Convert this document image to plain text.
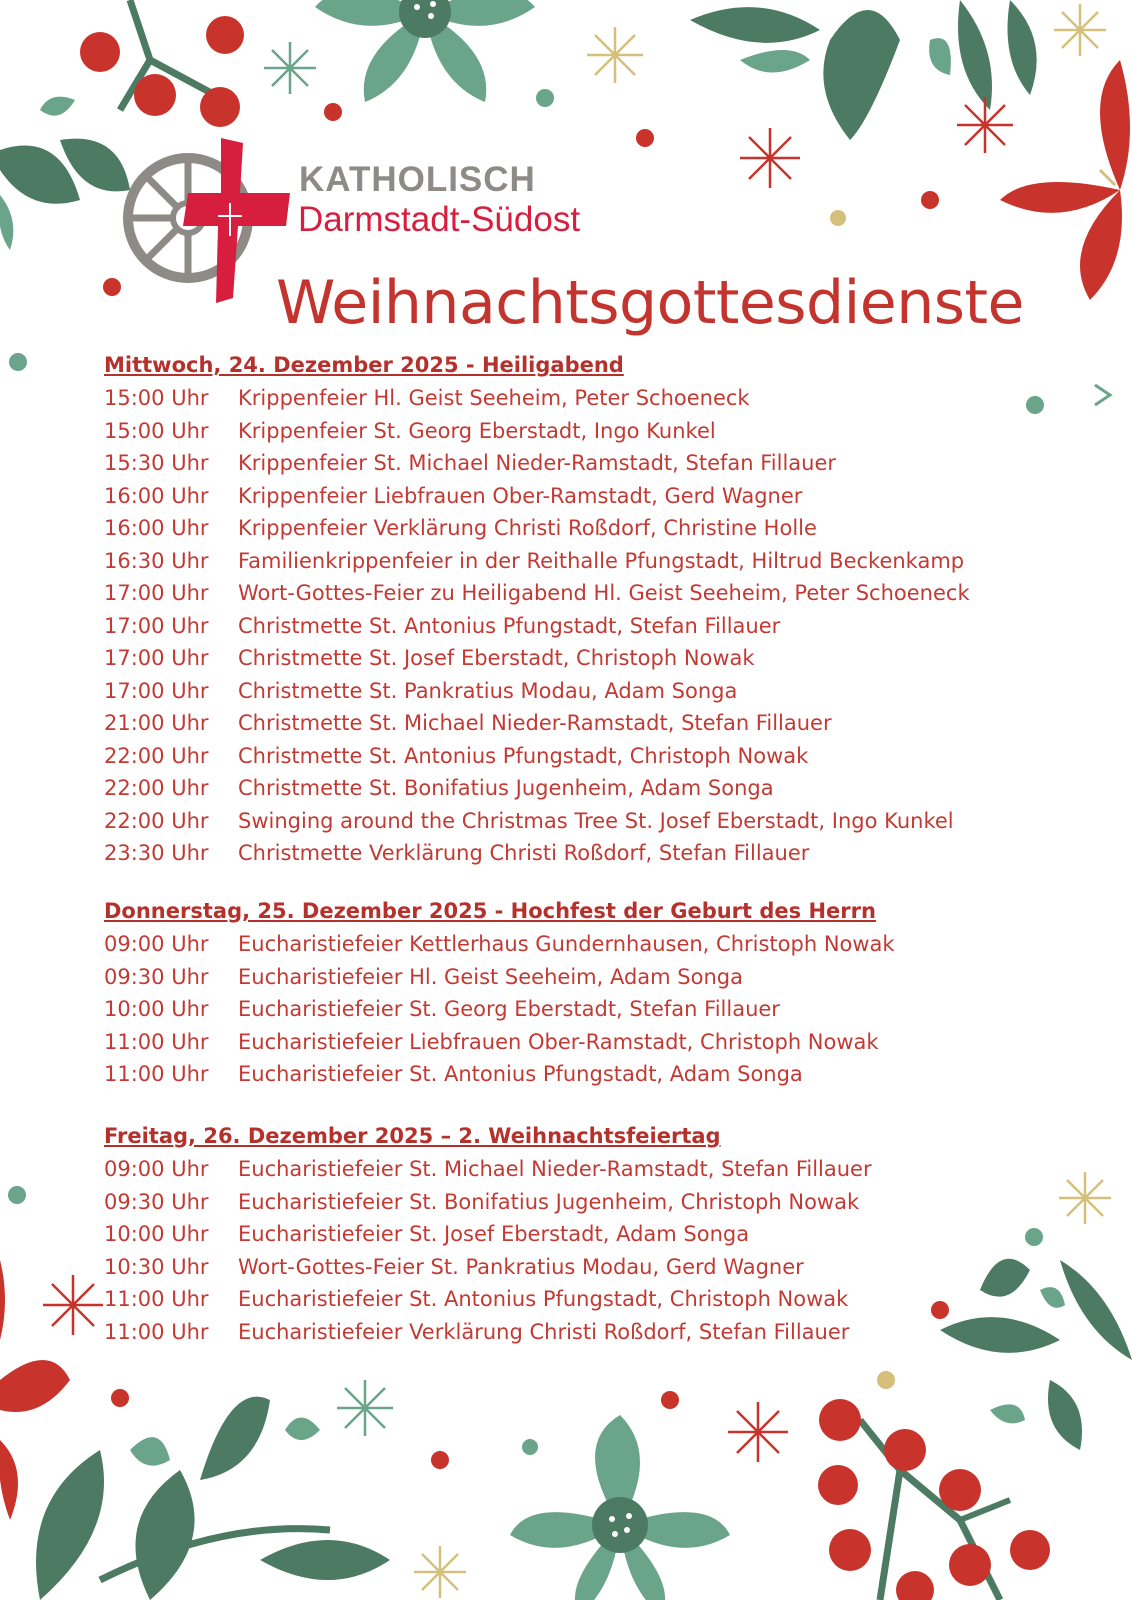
KATHOLISCH
Darmstadt-Südost
Weihnachtsgottesdienste
Mittwoch, 24. Dezember 2025 - Heiligabend
15:00 Uhr	Krippenfeier Hl. Geist Seeheim, Peter Schoeneck
15:00 Uhr	Krippenfeier St. Georg Eberstadt, Ingo Kunkel
15:30 Uhr	Krippenfeier St. Michael Nieder-Ramstadt, Stefan Fillauer
16:00 Uhr	Krippenfeier Liebfrauen Ober-Ramstadt, Gerd Wagner
16:00 Uhr	Krippenfeier Verklärung Christi Roßdorf, Christine Holle
16:30 Uhr	Familienkrippenfeier in der Reithalle Pfungstadt, Hiltrud Beckenkamp
17:00 Uhr	Wort-Gottes-Feier zu Heiligabend Hl. Geist Seeheim, Peter Schoeneck
17:00 Uhr	Christmette St. Antonius Pfungstadt, Stefan Fillauer
17:00 Uhr	Christmette St. Josef Eberstadt, Christoph Nowak
17:00 Uhr	Christmette St. Pankratius Modau, Adam Songa
21:00 Uhr	Christmette St. Michael Nieder-Ramstadt, Stefan Fillauer
22:00 Uhr	Christmette St. Antonius Pfungstadt, Christoph Nowak
22:00 Uhr	Christmette St. Bonifatius Jugenheim, Adam Songa
22:00 Uhr	Swinging around the Christmas Tree St. Josef Eberstadt, Ingo Kunkel
23:30 Uhr	Christmette Verklärung Christi Roßdorf, Stefan Fillauer
Donnerstag, 25. Dezember 2025 - Hochfest der Geburt des Herrn
09:00 Uhr	Eucharistiefeier Kettlerhaus Gundernhausen, Christoph Nowak
09:30 Uhr	Eucharistiefeier Hl. Geist Seeheim, Adam Songa
10:00 Uhr	Eucharistiefeier St. Georg Eberstadt, Stefan Fillauer
11:00 Uhr	Eucharistiefeier Liebfrauen Ober-Ramstadt, Christoph Nowak
11:00 Uhr	Eucharistiefeier St. Antonius Pfungstadt, Adam Songa
Freitag, 26. Dezember 2025 – 2. Weihnachtsfeiertag
09:00 Uhr	Eucharistiefeier St. Michael Nieder-Ramstadt, Stefan Fillauer
09:30 Uhr	Eucharistiefeier St. Bonifatius Jugenheim, Christoph Nowak
10:00 Uhr	Eucharistiefeier St. Josef Eberstadt, Adam Songa
10:30 Uhr	Wort-Gottes-Feier St. Pankratius Modau, Gerd Wagner
11:00 Uhr	Eucharistiefeier St. Antonius Pfungstadt, Christoph Nowak
11:00 Uhr	Eucharistiefeier Verklärung Christi Roßdorf, Stefan Fillauer
